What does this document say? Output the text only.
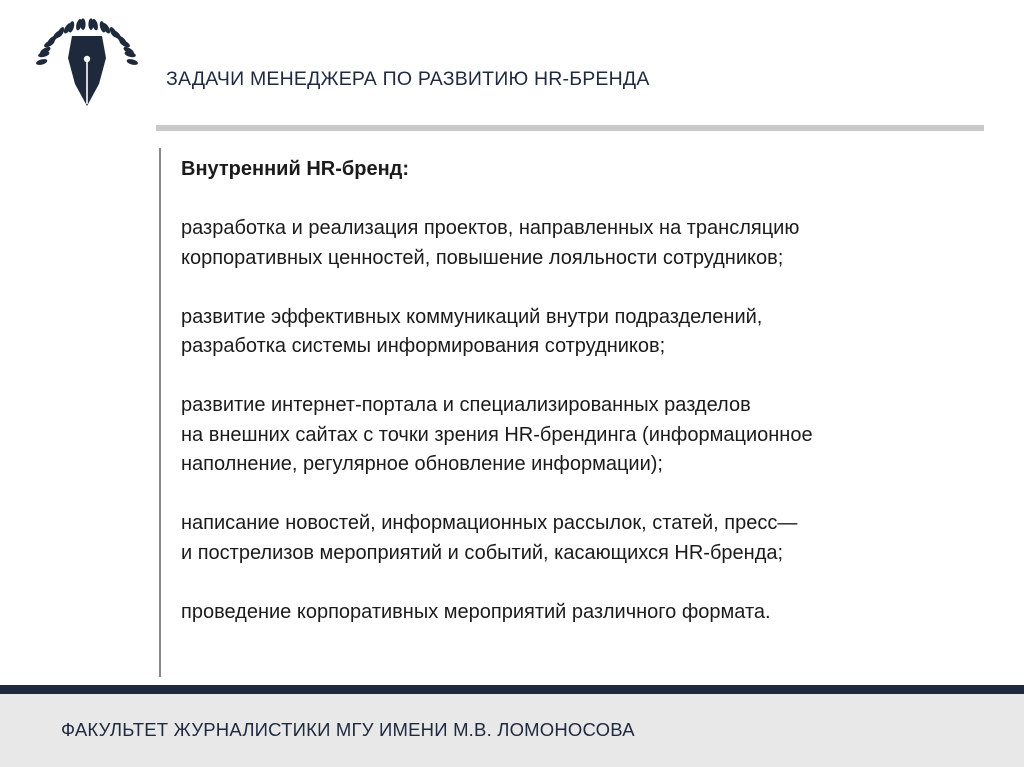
ЗАДАЧИ МЕНЕДЖЕРА ПО РАЗВИТИЮ HR-БРЕНДА
Внутренний HR-бренд:
разработка и реализация проектов, направленных на трансляцию
корпоративных ценностей, повышение лояльности сотрудников;
развитие эффективных коммуникаций внутри подразделений,
разработка системы информирования сотрудников;
развитие интернет-портала и специализированных разделов
на внешних сайтах с точки зрения HR-брендинга (информационное
наполнение, регулярное обновление информации);
написание новостей, информационных рассылок, статей, пресс—
и пострелизов мероприятий и событий, касающихся HR-бренда;
проведение корпоративных мероприятий различного формата.
ФАКУЛЬТЕТ ЖУРНАЛИСТИКИ МГУ ИМЕНИ М.В. ЛОМОНОСОВА
